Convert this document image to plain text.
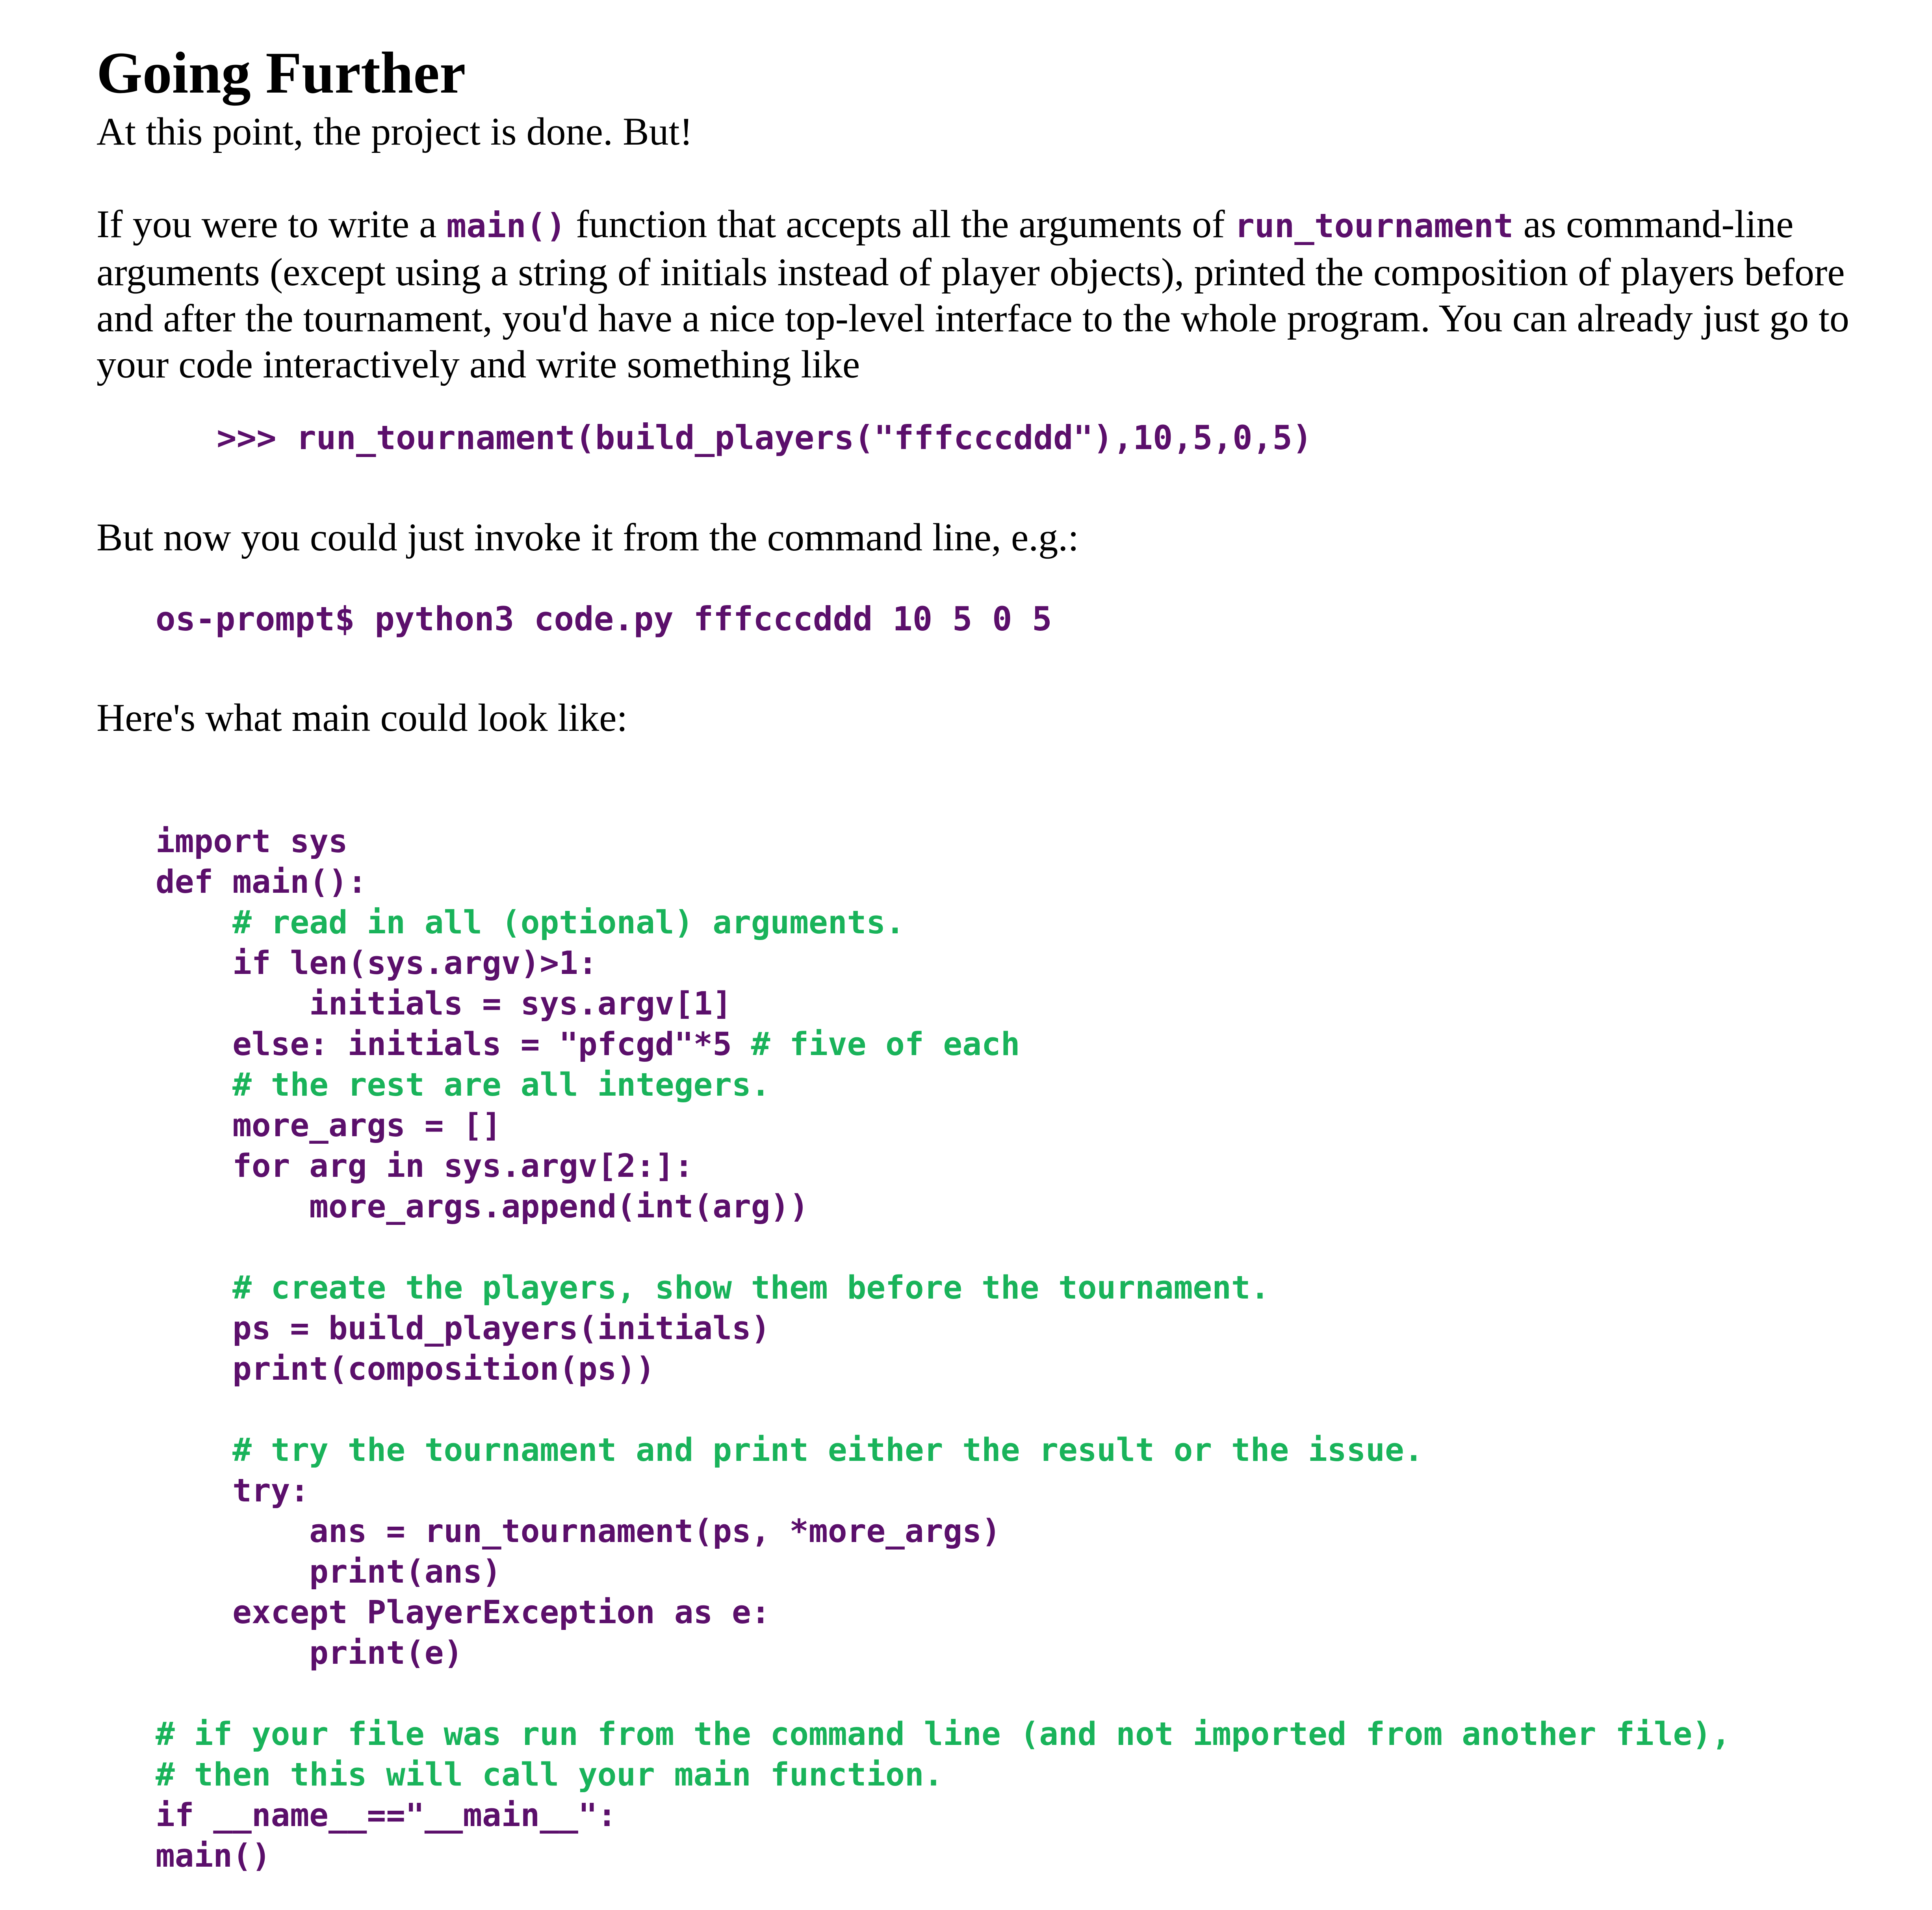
Going Further

At this point, the project is done. But!

If you were to write a main() function that accepts all the arguments of run_tournament as command-line
arguments (except using a string of initials instead of player objects), printed the composition of players before
and after the tournament, you'd have a nice top-level interface to the whole program. You can already just go to
your code interactively and write something like
>>> run_tournament(build_players("fffcccddd"),10,5,0,5)

But now you could just invoke it from the command line, e.g.:

os-prompt$ python3 code.py fffcccddd 10 5 0 5

Here's what main could look like:

import sys
def main():
# read in all (optional) arguments.
if len(sys.argv)>1:
initials = sys.argv[1]
else: initials = "pfcgd"*5 # five of each
# the rest are all integers.
more_args = []
for arg in sys.argv[2:]:
more_args.append(int(arg))
# create the players, show them before the tournament.
ps = build_players(initials)
print(composition(ps))
# try the tournament and print either the result or the issue.
try:
ans = run_tournament(ps, *more_args)
print(ans)
except PlayerException as e:
print(e)
# if your file was run from the command line (and not imported from another file),
# then this will call your main function.
if __name__=="__main__":
main()
